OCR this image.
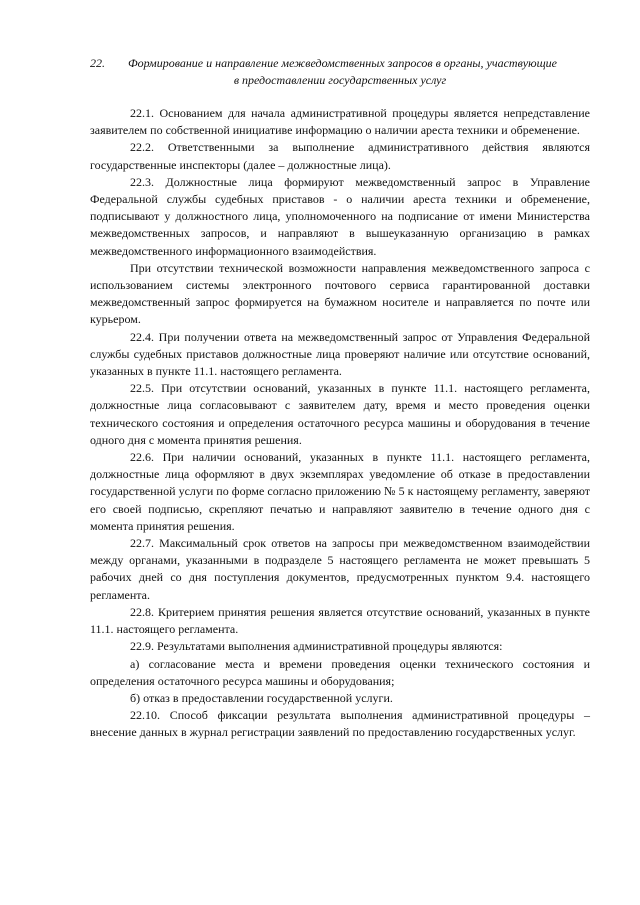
22. Формирование и направление межведомственных запросов в органы, участвующие
в предоставлении государственных услуг

22.1. Основанием для начала административной процедуры является непредставление заявителем по собственной инициативе информацию о наличии ареста техники и обременение.

22.2. Ответственными за выполнение административного действия являются государственные инспекторы (далее – должностные лица).

22.3. Должностные лица формируют межведомственный запрос в Управление Федеральной службы судебных приставов - о наличии ареста техники и обременение, подписывают у должностного лица, уполномоченного на подписание от имени Министерства межведомственных запросов, и направляют в вышеуказанную организацию в рамках межведомственного информационного взаимодействия.

При отсутствии технической возможности направления межведомственного запроса с использованием системы электронного почтового сервиса гарантированной доставки межведомственный запрос формируется на бумажном носителе и направляется по почте или курьером.

22.4. При получении ответа на межведомственный запрос от Управления Федеральной службы судебных приставов должностные лица проверяют наличие или отсутствие оснований, указанных в пункте 11.1. настоящего регламента.

22.5. При отсутствии оснований, указанных в пункте 11.1. настоящего регламента, должностные лица согласовывают с заявителем дату, время и место проведения оценки технического состояния и определения остаточного ресурса машины и оборудования в течение одного дня с момента принятия решения.

22.6. При наличии оснований, указанных в пункте 11.1. настоящего регламента, должностные лица оформляют в двух экземплярах уведомление об отказе в предоставлении государственной услуги по форме согласно приложению № 5 к настоящему регламенту, заверяют его своей подписью, скрепляют печатью и направляют заявителю в течение одного дня с момента принятия решения.

22.7. Максимальный срок ответов на запросы при межведомственном взаимодействии между органами, указанными в подразделе 5 настоящего регламента не может превышать 5 рабочих дней со дня поступления документов, предусмотренных пунктом 9.4. настоящего регламента.

22.8. Критерием принятия решения является отсутствие оснований, указанных в пункте 11.1. настоящего регламента.

22.9. Результатами выполнения административной процедуры являются:

а) согласование места и времени проведения оценки технического состояния и определения остаточного ресурса машины и оборудования;

б) отказ в предоставлении государственной услуги.

22.10. Способ фиксации результата выполнения административной процедуры – внесение данных в журнал регистрации заявлений по предоставлению государственных услуг.
